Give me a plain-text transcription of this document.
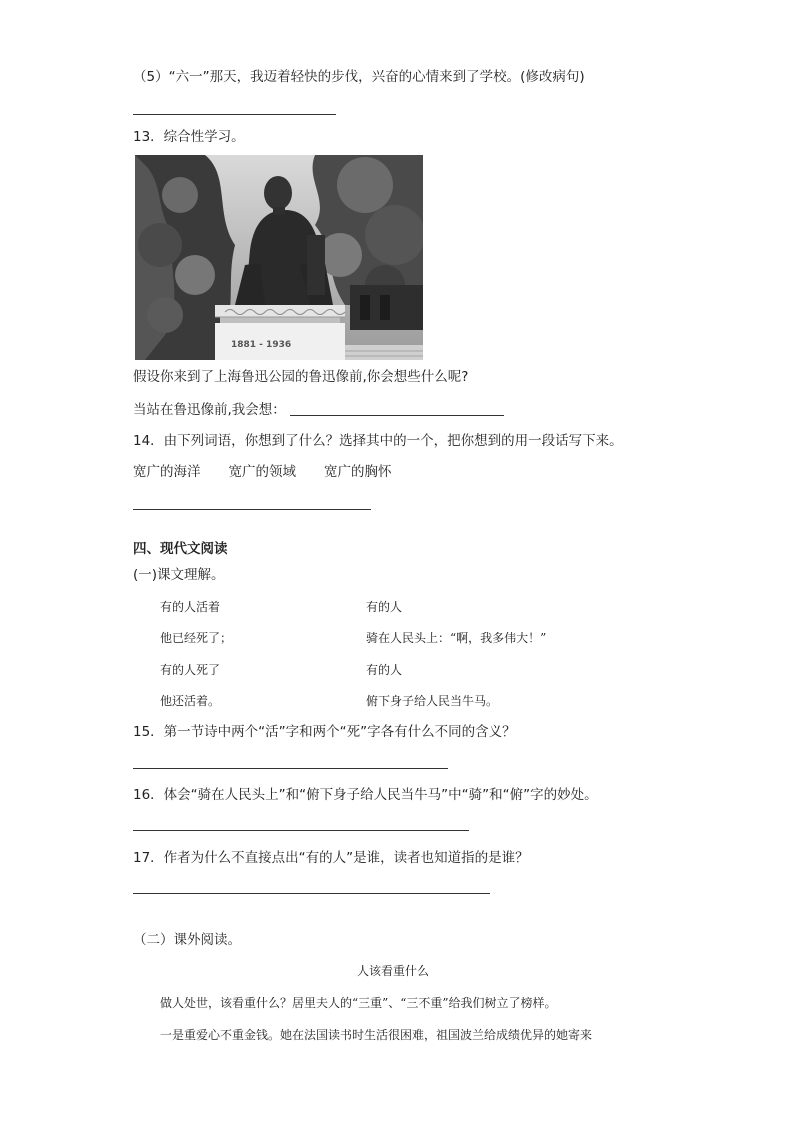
（5）“六一”那天，我迈着轻快的步伐，兴奋的心情来到了学校。(修改病句)
13．综合性学习。
1881 - 1936
假设你来到了上海鲁迅公园的鲁迅像前,你会想些什么呢?
当站在鲁迅像前,我会想：
14．由下列词语，你想到了什么？选择其中的一个，把你想到的用一段话写下来。
宽广的海洋 宽广的领域 宽广的胸怀
四、现代文阅读
(一)课文理解。
有的人活着	有的人
他已经死了；	骑在人民头上：“啊，我多伟大！”
有的人死了	有的人
他还活着。	俯下身子给人民当牛马。
15．第一节诗中两个“活”字和两个“死”字各有什么不同的含义？
16．体会“骑在人民头上”和“俯下身子给人民当牛马”中“骑”和“俯”字的妙处。
17．作者为什么不直接点出“有的人”是谁，读者也知道指的是谁？
（二）课外阅读。
人该看重什么
做人处世，该看重什么？居里夫人的“三重”、“三不重”给我们树立了榜样。
一是重爱心不重金钱。她在法国读书时生活很困难，祖国波兰给成绩优异的她寄来
